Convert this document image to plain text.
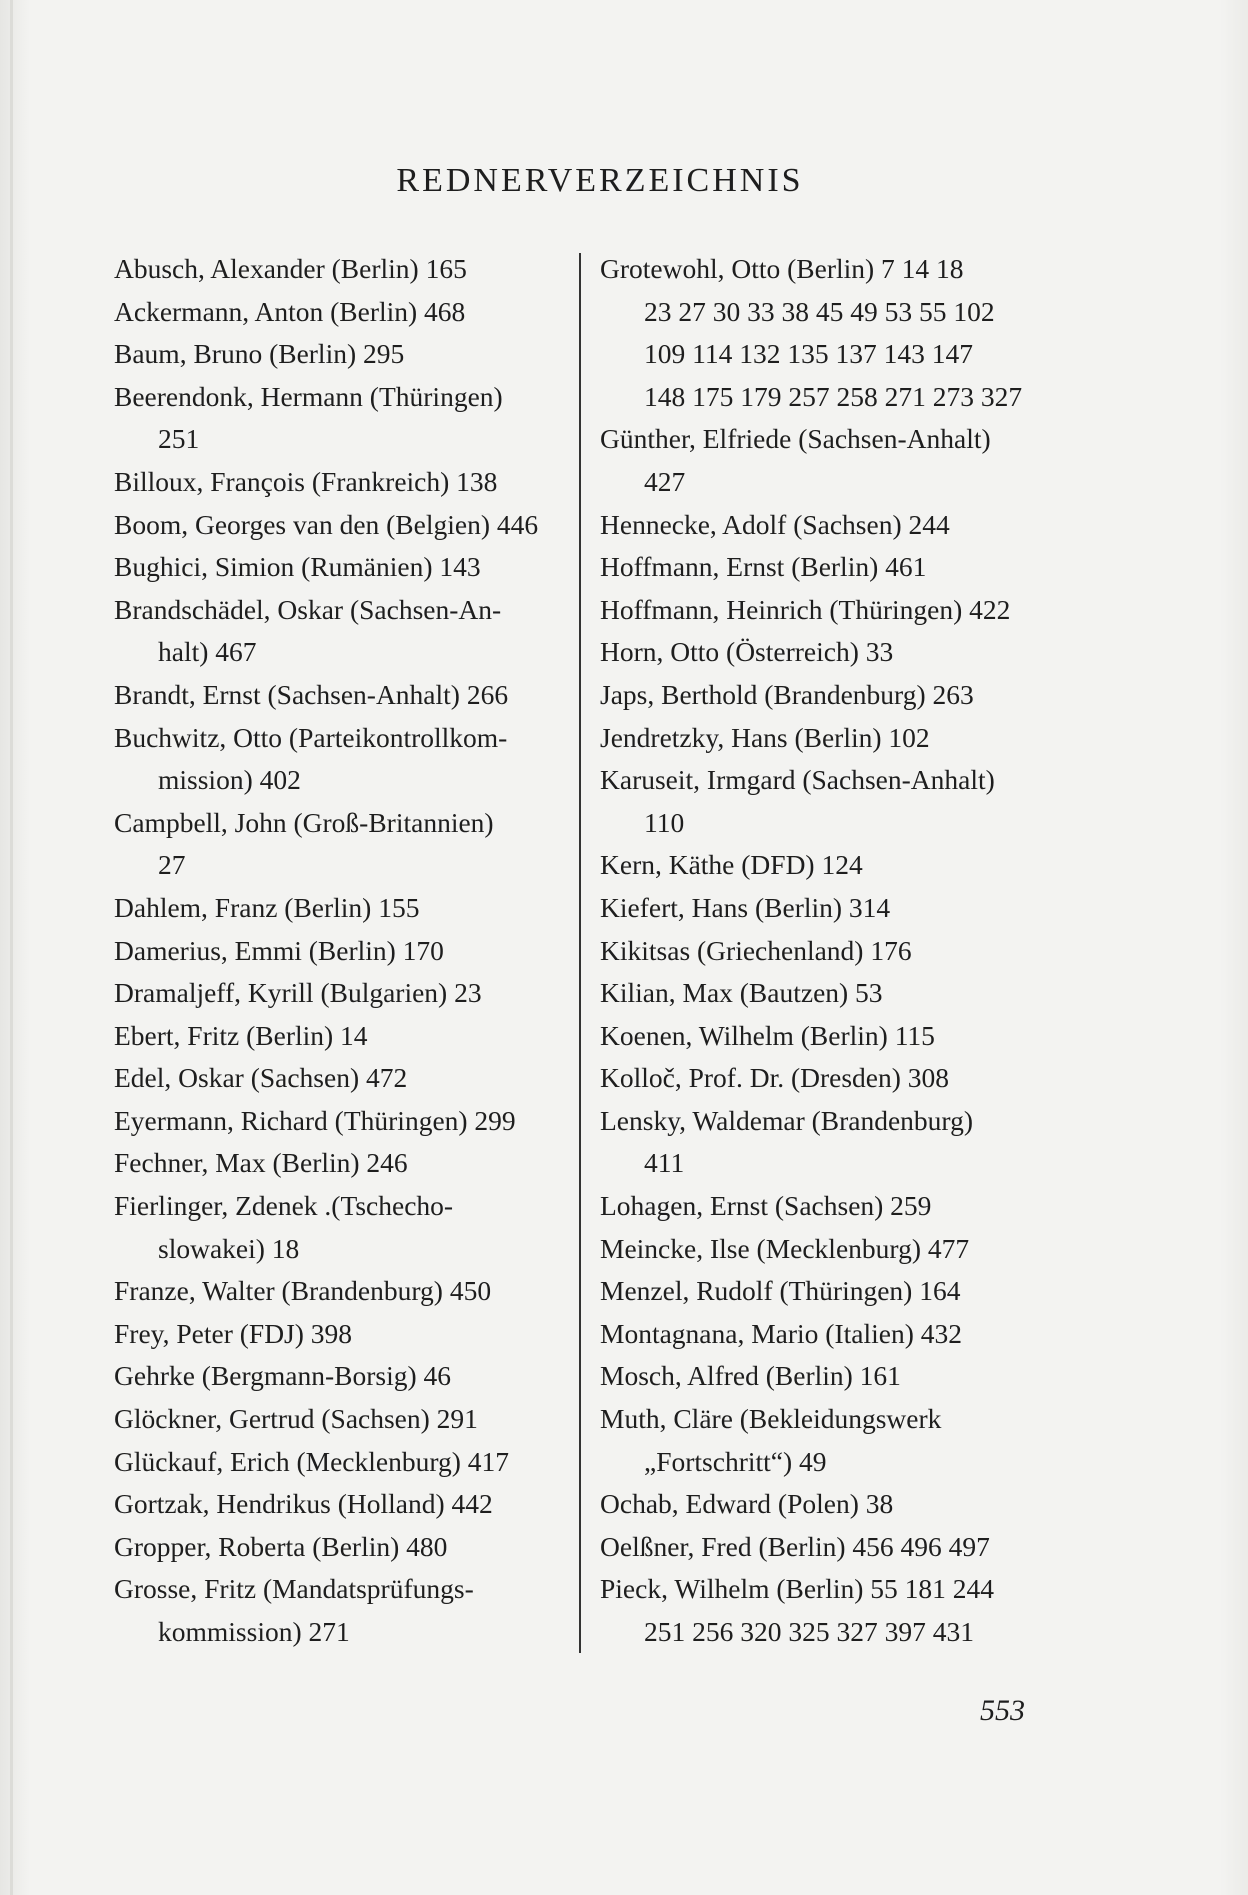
REDNERVERZEICHNIS
Abusch, Alexander (Berlin) 165
Ackermann, Anton (Berlin) 468
Baum, Bruno (Berlin) 295
Beerendonk, Hermann (Thüringen)
251
Billoux, François (Frankreich) 138
Boom, Georges van den (Belgien) 446
Bughici, Simion (Rumänien) 143
Brandschädel, Oskar (Sachsen-An-
halt) 467
Brandt, Ernst (Sachsen-Anhalt) 266
Buchwitz, Otto (Parteikontrollkom-
mission) 402
Campbell, John (Groß-Britannien)
27
Dahlem, Franz (Berlin) 155
Damerius, Emmi (Berlin) 170
Dramaljeff, Kyrill (Bulgarien) 23
Ebert, Fritz (Berlin) 14
Edel, Oskar (Sachsen) 472
Eyermann, Richard (Thüringen) 299
Fechner, Max (Berlin) 246
Fierlinger, Zdenek .(Tschecho-
slowakei) 18
Franze, Walter (Brandenburg) 450
Frey, Peter (FDJ) 398
Gehrke (Bergmann-Borsig) 46
Glöckner, Gertrud (Sachsen) 291
Glückauf, Erich (Mecklenburg) 417
Gortzak, Hendrikus (Holland) 442
Gropper, Roberta (Berlin) 480
Grosse, Fritz (Mandatsprüfungs-
kommission) 271
Grotewohl, Otto (Berlin) 7 14 18
23 27 30 33 38 45 49 53 55 102
109 114 132 135 137 143 147
148 175 179 257 258 271 273 327
Günther, Elfriede (Sachsen-Anhalt)
427
Hennecke, Adolf (Sachsen) 244
Hoffmann, Ernst (Berlin) 461
Hoffmann, Heinrich (Thüringen) 422
Horn, Otto (Österreich) 33
Japs, Berthold (Brandenburg) 263
Jendretzky, Hans (Berlin) 102
Karuseit, Irmgard (Sachsen-Anhalt)
110
Kern, Käthe (DFD) 124
Kiefert, Hans (Berlin) 314
Kikitsas (Griechenland) 176
Kilian, Max (Bautzen) 53
Koenen, Wilhelm (Berlin) 115
Kolloč, Prof. Dr. (Dresden) 308
Lensky, Waldemar (Brandenburg)
411
Lohagen, Ernst (Sachsen) 259
Meincke, Ilse (Mecklenburg) 477
Menzel, Rudolf (Thüringen) 164
Montagnana, Mario (Italien) 432
Mosch, Alfred (Berlin) 161
Muth, Cläre (Bekleidungswerk
„Fortschritt“) 49
Ochab, Edward (Polen) 38
Oelßner, Fred (Berlin) 456 496 497
Pieck, Wilhelm (Berlin) 55 181 244
251 256 320 325 327 397 431
553
